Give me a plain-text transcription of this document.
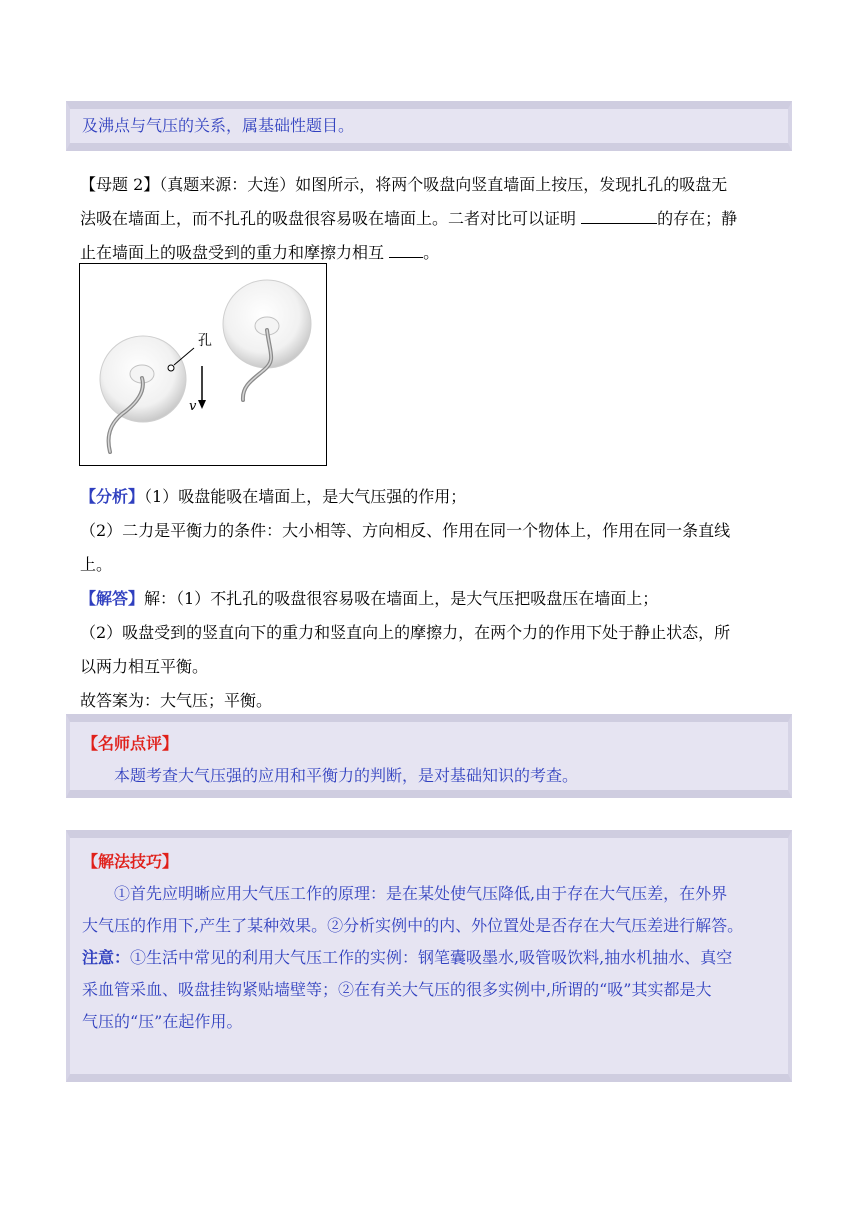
及沸点与气压的关系，属基础性题目。
【母题 2】（真题来源：大连）如图所示，将两个吸盘向竖直墙面上按压，发现扎孔的吸盘无
法吸在墙面上，而不扎孔的吸盘很容易吸在墙面上。二者对比可以证明	的存在；静
止在墙面上的吸盘受到的重力和摩擦力相互 。
孔
v
【分析】（1）吸盘能吸在墙面上，是大气压强的作用；
（2）二力是平衡力的条件：大小相等、方向相反、作用在同一个物体上，作用在同一条直线
上。
【解答】解：（1）不扎孔的吸盘很容易吸在墙面上，是大气压把吸盘压在墙面上；
（2）吸盘受到的竖直向下的重力和竖直向上的摩擦力，在两个力的作用下处于静止状态，所
以两力相互平衡。
故答案为：大气压；平衡。
【名师点评】
本题考查大气压强的应用和平衡力的判断，是对基础知识的考查。
【解法技巧】
①首先应明晰应用大气压工作的原理：是在某处使气压降低,由于存在大气压差，在外界
大气压的作用下,产生了某种效果。②分析实例中的内、外位置处是否存在大气压差进行解答。
注意：①生活中常见的利用大气压工作的实例：钢笔囊吸墨水,吸管吸饮料,抽水机抽水、真空
采血管采血、吸盘挂钩紧贴墙壁等；②在有关大气压的很多实例中,所谓的“吸”其实都是大
气压的“压”在起作用。
